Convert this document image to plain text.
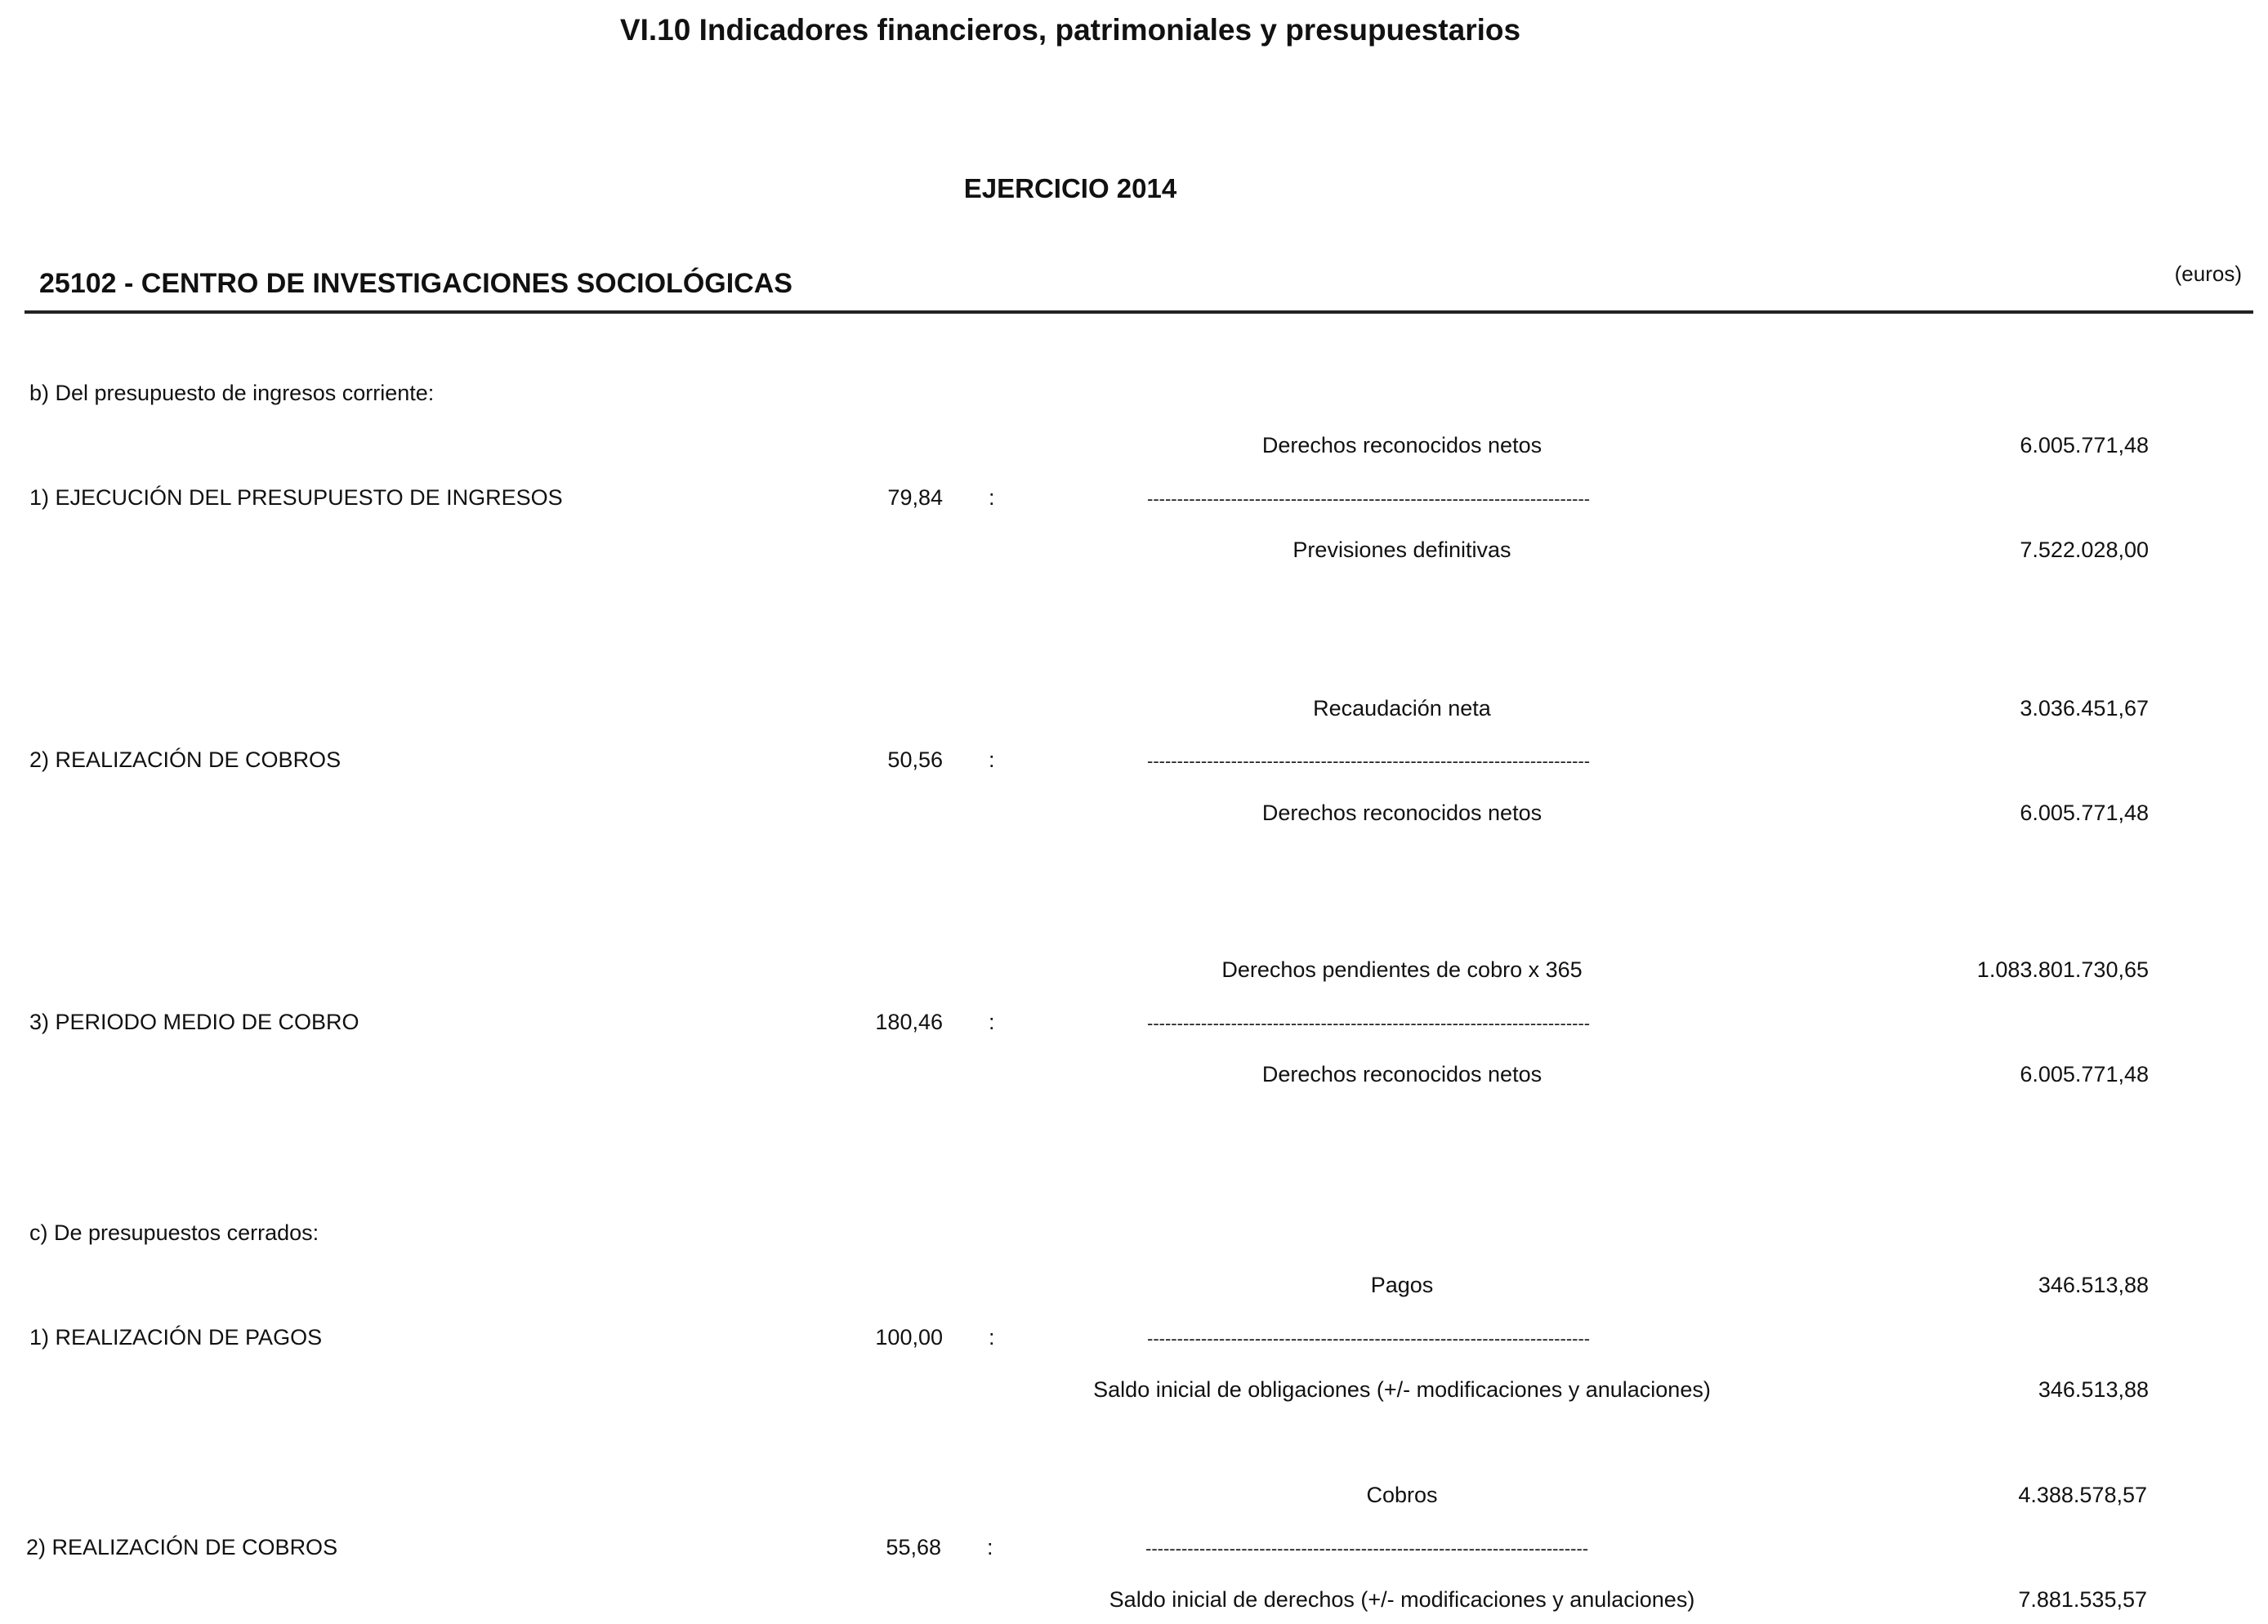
VI.10 Indicadores financieros, patrimoniales y presupuestarios
EJERCICIO 2014
25102 - CENTRO DE INVESTIGACIONES SOCIOLÓGICAS	(euros)
b) Del presupuesto de ingresos corriente:
Derechos reconocidos netos	6.005.771,48
1) EJECUCIÓN DEL PRESUPUESTO DE INGRESOS	79,84 :	--------------------------------------------------------------------------
Previsiones definitivas	7.522.028,00
Recaudación neta	3.036.451,67
2) REALIZACIÓN DE COBROS	50,56 :	--------------------------------------------------------------------------
Derechos reconocidos netos	6.005.771,48
Derechos pendientes de cobro x 365	1.083.801.730,65
3) PERIODO MEDIO DE COBRO	180,46 :	--------------------------------------------------------------------------
Derechos reconocidos netos	6.005.771,48
c) De presupuestos cerrados:
Pagos	346.513,88
1) REALIZACIÓN DE PAGOS	100,00 :	--------------------------------------------------------------------------
Saldo inicial de obligaciones (+/- modificaciones y anulaciones)	346.513,88
Cobros	4.388.578,57
2) REALIZACIÓN DE COBROS	55,68 :	--------------------------------------------------------------------------
Saldo inicial de derechos (+/- modificaciones y anulaciones)	7.881.535,57
